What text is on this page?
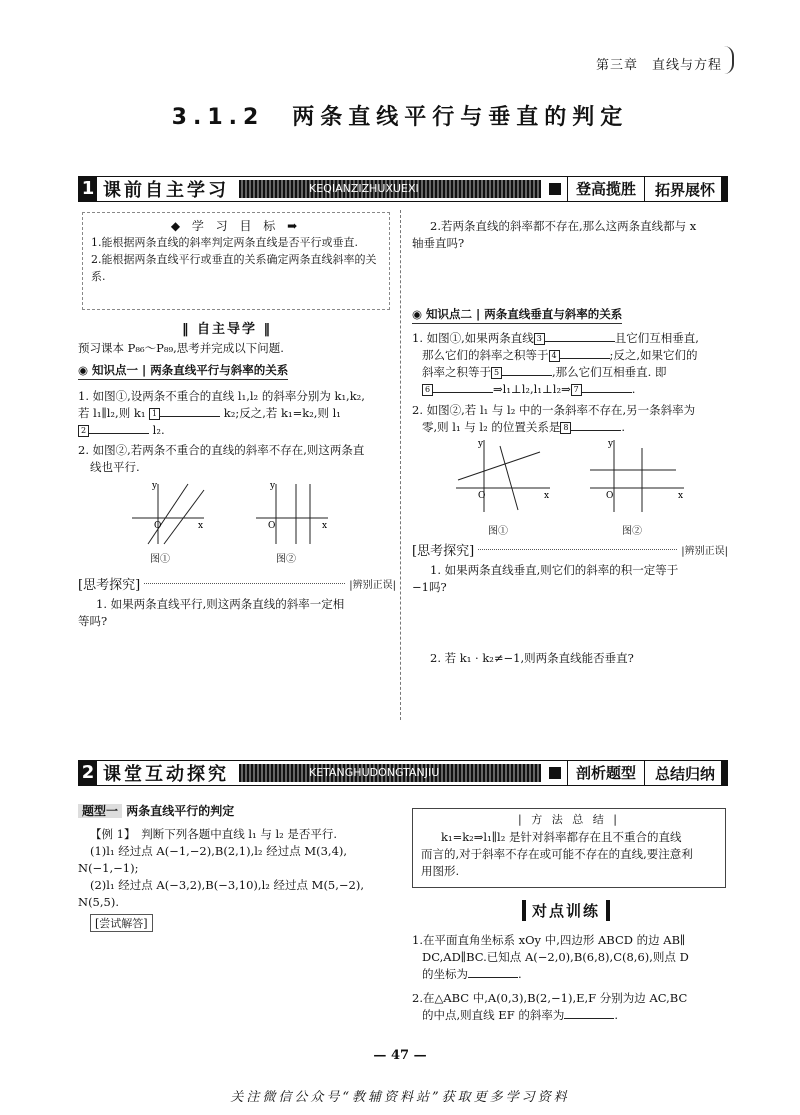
第三章　直线与方程
3.1.2　两条直线平行与垂直的判定
1 课前自主学习	KEQIANZIZHUXUEXI	登高揽胜	拓界展怀
◆ 学 习 目 标 ➡
1.能根据两条直线的斜率判定两条直线是否平行或垂直.
2.能根据两条直线平行或垂直的关系确定两条直线斜率的关系.
‖ 自主导学 ‖
预习课本 P₈₆～P₈₉,思考并完成以下问题.
◉ 知识点一 | 两条直线平行与斜率的关系
1. 如图①,设两条不重合的直线 l₁,l₂ 的斜率分别为 k₁,k₂,
若 l₁∥l₂,则 k₁ 1	k₂;反之,若 k₁=k₂,则 l₁
2	l₂.
2. 如图②,若两条不重合的直线的斜率不存在,则这两条直
线也平行.
O	x
y
O	x
y
图①	图②
[思考探究]	|辨别正误|
1. 如果两条直线平行,则这两条直线的斜率一定相
等吗?
2.若两条直线的斜率都不存在,那么这两条直线都与 x
轴垂直吗?
◉ 知识点二 | 两条直线垂直与斜率的关系
1. 如图①,如果两条直线 3	且它们互相垂直,
那么它们的斜率之积等于 4	;反之,如果它们的
斜率之积等于 5	,那么它们互相垂直. 即
6	⇒l₁⊥l₂,l₁⊥l₂⇒ 7	.
2. 如图②,若 l₁ 与 l₂ 中的一条斜率不存在,另一条斜率为
零,则 l₁ 与 l₂ 的位置关系是 8	.
O	x
y
O	x
y
图①	图②
[思考探究]	|辨别正误|
1. 如果两条直线垂直,则它们的斜率的积一定等于
−1吗?
2. 若 k₁ · k₂≠−1,则两条直线能否垂直?
2 课堂互动探究	KETANGHUDONGTANJIU	剖析题型	总结归纳
题型一 两条直线平行的判定
【例 1】　判断下列各题中直线 l₁ 与 l₂ 是否平行.
(1)l₁ 经过点 A(−1,−2),B(2,1),l₂ 经过点 M(3,4),
N(−1,−1);
(2)l₁ 经过点 A(−3,2),B(−3,10),l₂ 经过点 M(5,−2),
N(5,5).
[尝试解答]
| 方 法 总 结 |
k₁=k₂⇒l₁∥l₂ 是针对斜率都存在且不重合的直线
而言的,对于斜率不存在或可能不存在的直线,要注意利
用图形.
对点训练
1.在平面直角坐标系 xOy 中,四边形 ABCD 的边 AB∥
DC,AD∥BC.已知点 A(−2,0),B(6,8),C(8,6),则点 D
的坐标为	.
2.在△ABC 中,A(0,3),B(2,−1),E,F 分别为边 AC,BC
的中点,则直线 EF 的斜率为	.
— 47 —
关注微信公众号“教辅资料站”获取更多学习资料
